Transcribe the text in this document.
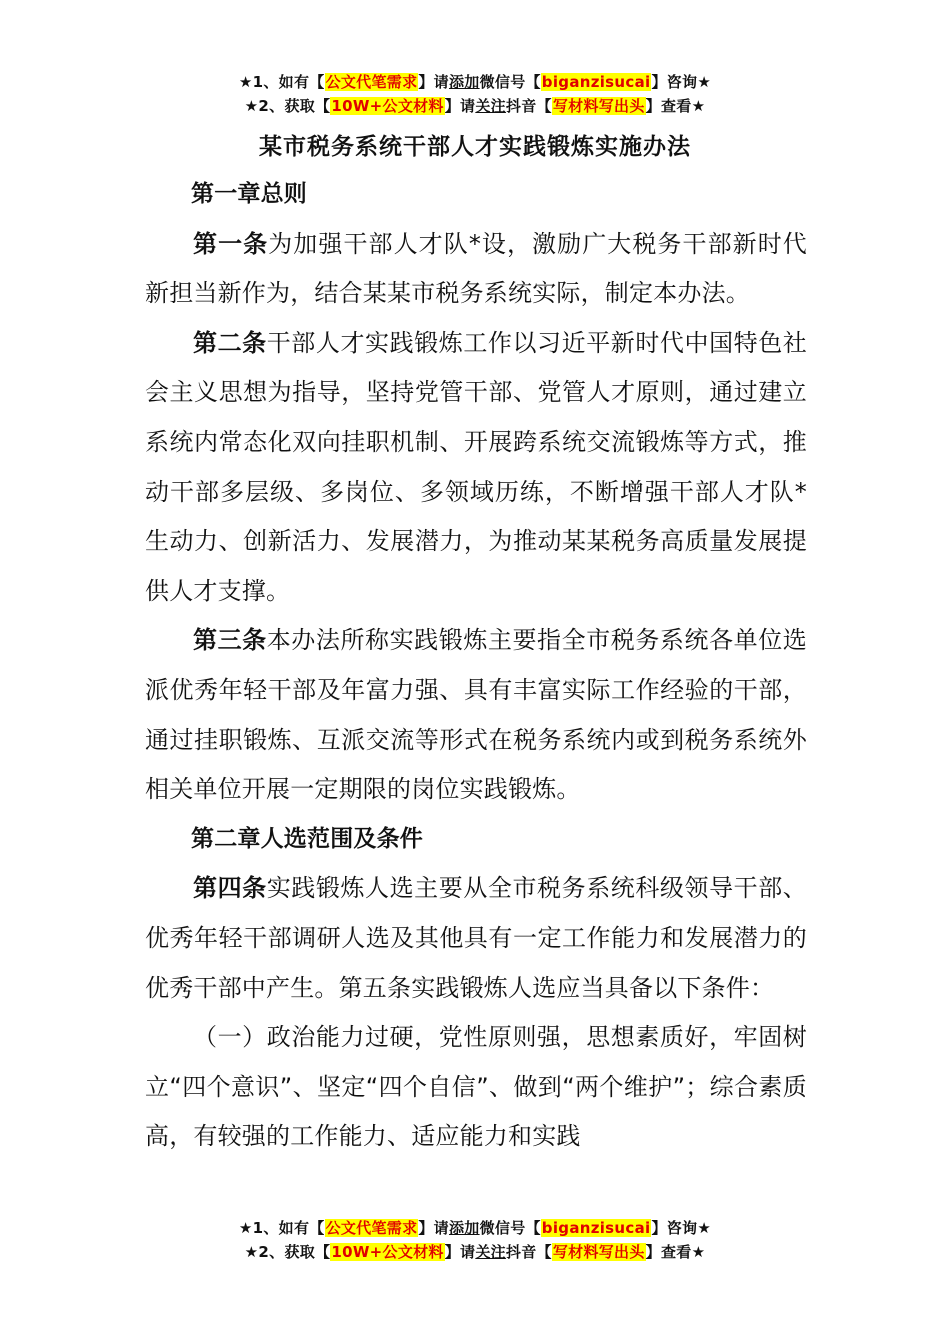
★1、如有【公文代笔需求】请添加微信号【biganzisucai】咨询★
★2、获取【10W+公文材料】请关注抖音【写材料写出头】查看★
某市税务系统干部人才实践锻炼实施办法

第一章总则

第一条为加强干部人才队*设，激励广大税务干部新时代新担当新作为，结合某某市税务系统实际，制定本办法。

第二条干部人才实践锻炼工作以习近平新时代中国特色社会主义思想为指导，坚持党管干部、党管人才原则，通过建立系统内常态化双向挂职机制、开展跨系统交流锻炼等方式，推动干部多层级、多岗位、多领域历练，不断增强干部人才队*生动力、创新活力、发展潜力，为推动某某税务高质量发展提供人才支撑。

第三条本办法所称实践锻炼主要指全市税务系统各单位选派优秀年轻干部及年富力强、具有丰富实际工作经验的干部，通过挂职锻炼、互派交流等形式在税务系统内或到税务系统外相关单位开展一定期限的岗位实践锻炼。

第二章人选范围及条件

第四条实践锻炼人选主要从全市税务系统科级领导干部、优秀年轻干部调研人选及其他具有一定工作能力和发展潜力的优秀干部中产生。第五条实践锻炼人选应当具备以下条件：

（一）政治能力过硬，党性原则强，思想素质好，牢固树立“四个意识”、坚定“四个自信”、做到“两个维护”；综合素质高，有较强的工作能力、适应能力和实践

★1、如有【公文代笔需求】请添加微信号【biganzisucai】咨询★
★2、获取【10W+公文材料】请关注抖音【写材料写出头】查看★
